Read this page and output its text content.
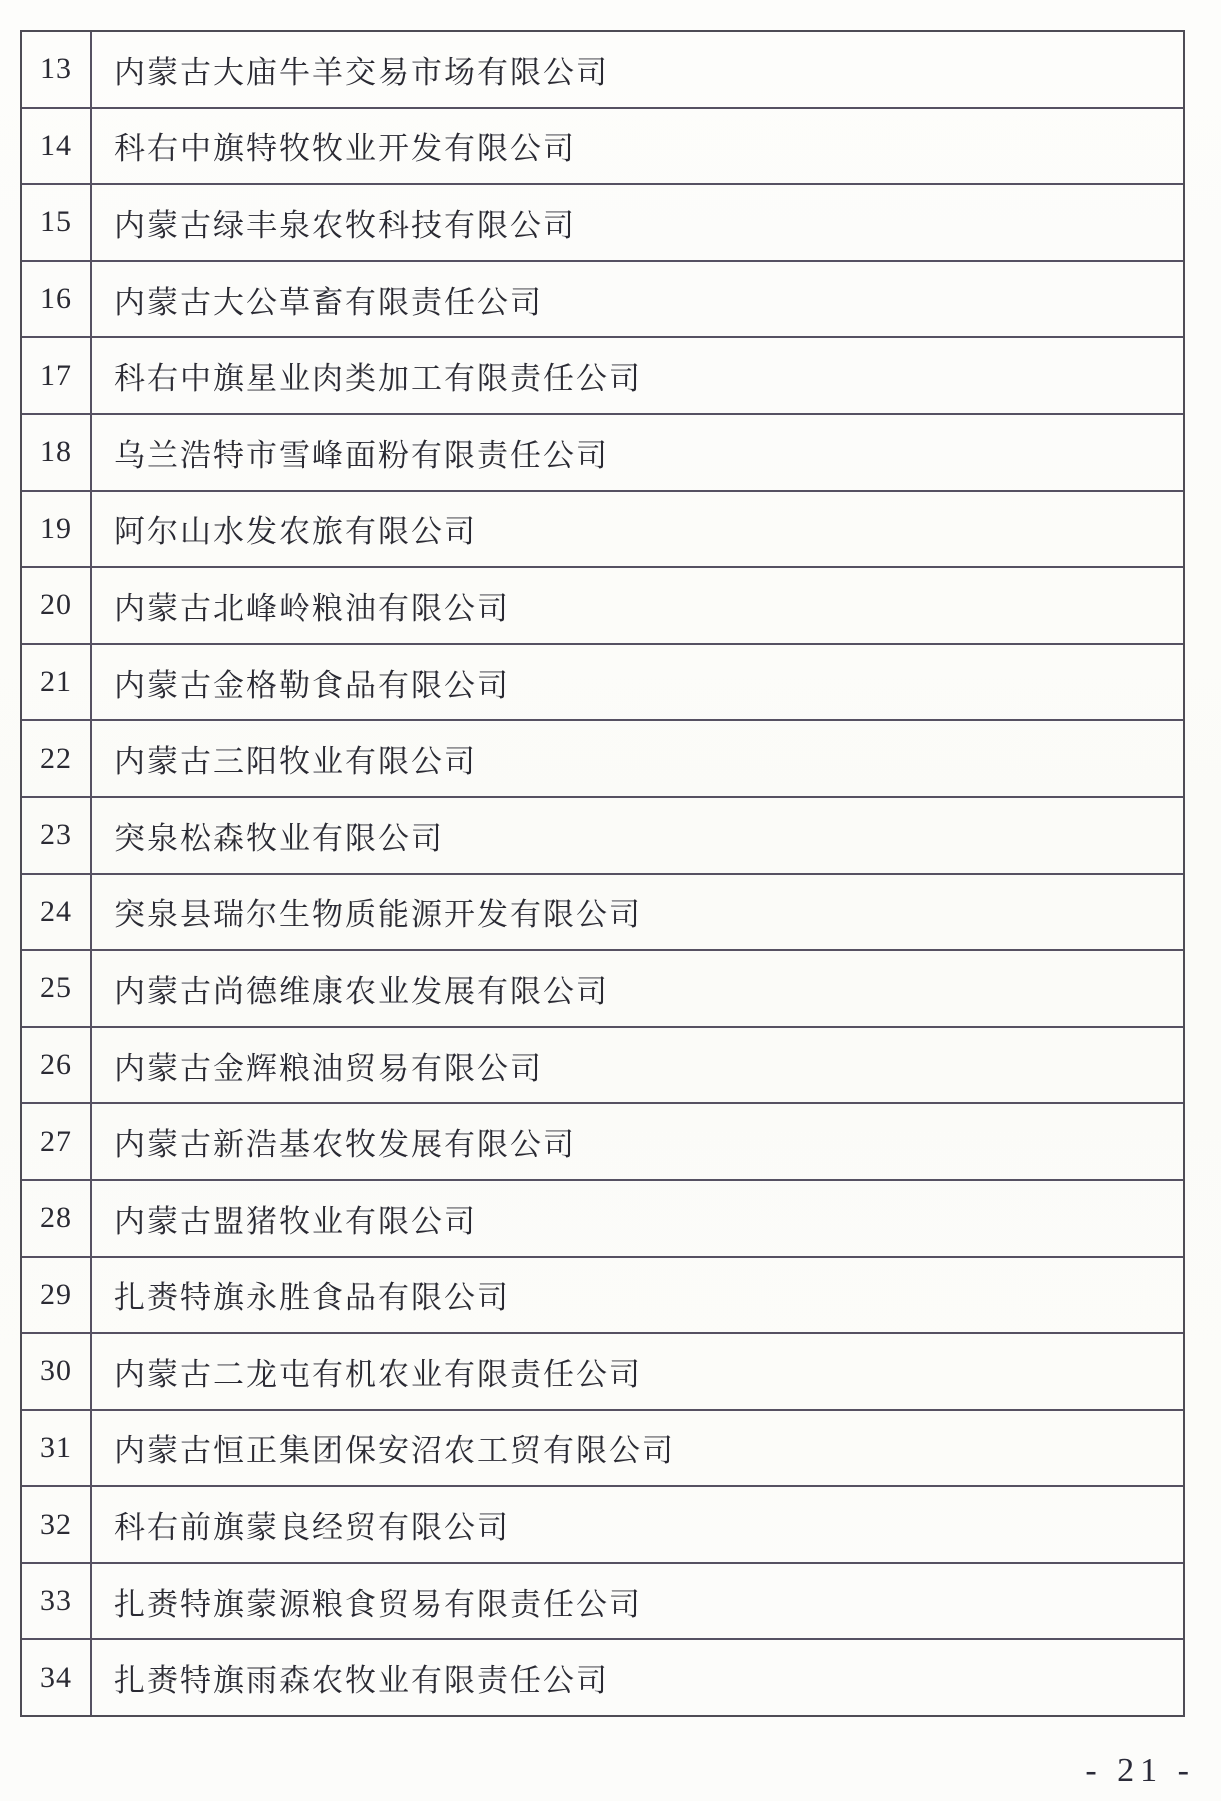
13	内蒙古大庙牛羊交易市场有限公司
14	科右中旗特牧牧业开发有限公司
15	内蒙古绿丰泉农牧科技有限公司
16	内蒙古大公草畜有限责任公司
17	科右中旗星业肉类加工有限责任公司
18	乌兰浩特市雪峰面粉有限责任公司
19	阿尔山水发农旅有限公司
20	内蒙古北峰岭粮油有限公司
21	内蒙古金格勒食品有限公司
22	内蒙古三阳牧业有限公司
23	突泉松森牧业有限公司
24	突泉县瑞尔生物质能源开发有限公司
25	内蒙古尚德维康农业发展有限公司
26	内蒙古金辉粮油贸易有限公司
27	内蒙古新浩基农牧发展有限公司
28	内蒙古盟猪牧业有限公司
29	扎赉特旗永胜食品有限公司
30	内蒙古二龙屯有机农业有限责任公司
31	内蒙古恒正集团保安沼农工贸有限公司
32	科右前旗蒙良经贸有限公司
33	扎赉特旗蒙源粮食贸易有限责任公司
34	扎赉特旗雨森农牧业有限责任公司
- 21 -
